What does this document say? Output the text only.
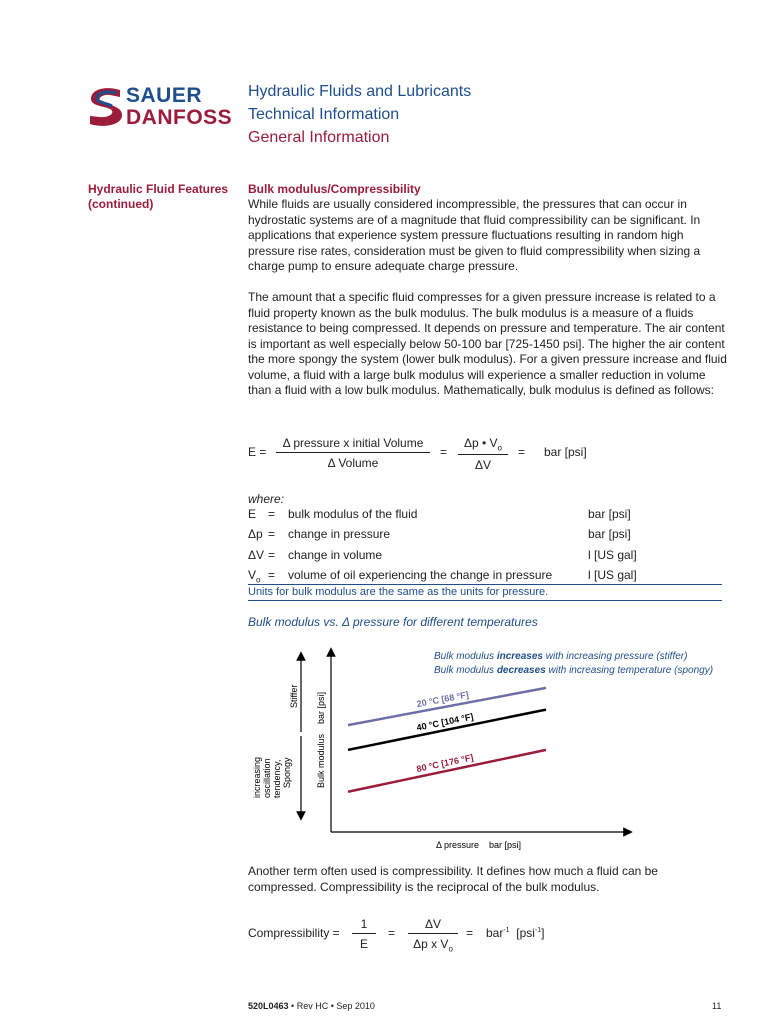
SAUER
DANFOSS
Hydraulic Fluids and Lubricants
Technical Information
General Information
Hydraulic Fluid Features
(continued)
Bulk modulus/Compressibility
While fluids are usually considered incompressible, the pressures that can occur in hydrostatic systems are of a magnitude that fluid compressibility can be significant. In applications that experience system pressure fluctuations resulting in random high pressure rise rates, consideration must be given to fluid compressibility when sizing a charge pump to ensure adequate charge pressure.
The amount that a specific fluid compresses for a given pressure increase is related to a fluid property known as the bulk modulus. The bulk modulus is a measure of a fluids resistance to being compressed. It depends on pressure and temperature. The air content is important as well especially below 50-100 bar [725-1450 psi]. The higher the air content the more spongy the system (lower bulk modulus). For a given pressure increase and fluid volume, a fluid with a large bulk modulus will experience a smaller reduction in volume than a fluid with a low bulk modulus. Mathematically, bulk modulus is defined as follows:
E =
Δ pressure x initial Volume
Δ Volume
= $\frac{\Delta p • V_o}{\Delta V}$ = bar [psi]
where:
E	=	bulk modulus of the fluid	bar [psi]
Δp	=	change in pressure	bar [psi]
ΔV	=	change in volume	l [US gal]
$V_o$	=	volume of oil experiencing the change in pressure	l [US gal]
Units for bulk modulus are the same as the units for pressure.
Bulk modulus vs. Δ pressure for different temperatures
Stiffer
increasing oscillation tendency, Spongy	Bulk modulus    bar [psi]
Δ pressure    bar [psi]
Bulk modulus increases with increasing pressure (stiffer)
Bulk modulus decreases with increasing temperature (spongy)
20 °C [68 °F]
40 °C [104 °F]
80 °C [176 °F]
Another term often used is compressibility. It defines how much a fluid can be compressed. Compressibility is the reciprocal of the bulk modulus.
Compressibility = $\frac{1}{E} = \frac{\Delta V}{\Delta p x V_o} = bar^{-1}$ [psi$^{-1}$]
520L0463 • Rev HC • Sep 2010	11
